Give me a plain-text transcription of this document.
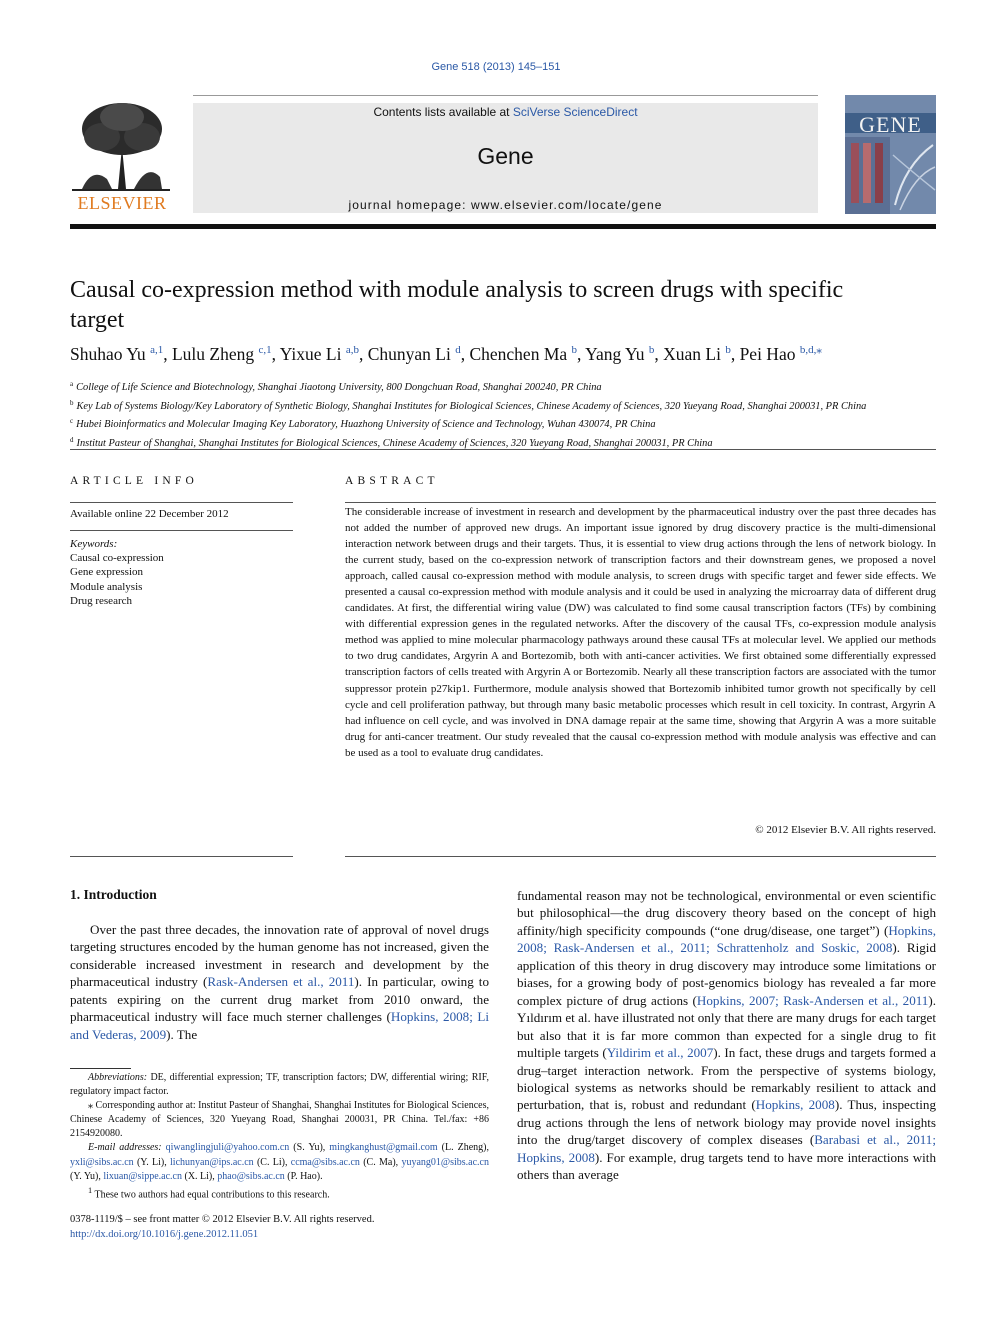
Gene 518 (2013) 145–151
ELSEVIER
Contents lists available at SciVerse ScienceDirect
Gene
journal homepage: www.elsevier.com/locate/gene
GENE
Causal co-expression method with module analysis to screen drugs with specific target
Shuhao Yu $^{a,1}$, Lulu Zheng $^{c,1}$, Yixue Li $^{a,b}$, Chunyan Li $^d$, Chenchen Ma $^b$, Yang Yu $^b$, Xuan Li $^b$, Pei Hao $^{b,d,⁎}$
$^a$ College of Life Science and Biotechnology, Shanghai Jiaotong University, 800 Dongchuan Road, Shanghai 200240, PR China
$^b$ Key Lab of Systems Biology/Key Laboratory of Synthetic Biology, Shanghai Institutes for Biological Sciences, Chinese Academy of Sciences, 320 Yueyang Road, Shanghai 200031, PR China
$^c$ Hubei Bioinformatics and Molecular Imaging Key Laboratory, Huazhong University of Science and Technology, Wuhan 430074, PR China
$^d$ Institut Pasteur of Shanghai, Shanghai Institutes for Biological Sciences, Chinese Academy of Sciences, 320 Yueyang Road, Shanghai 200031, PR China
ARTICLE INFO
Available online 22 December 2012
Keywords:
Causal co-expression
Gene expression
Module analysis
Drug research
ABSTRACT

The considerable increase of investment in research and development by the pharmaceutical industry over the past three decades has not added the number of approved new drugs. An important issue ignored by drug discovery practice is the multi-dimensional interaction network between drugs and their targets. Thus, it is essential to view drug actions through the lens of network biology. In the current study, based on the co-expression network of transcription factors and their downstream genes, we proposed a novel approach, called causal co-expression method with module analysis, to screen drugs with specific target and fewer side effects. We presented a causal co-expression method with module analysis and it could be used in analyzing the microarray data of different drug candidates. At first, the differential wiring value (DW) was calculated to find some causal transcription factors (TFs) by combining with differential expression genes in the regulated networks. After the discovery of the causal TFs, co-expression module analysis method was applied to mine molecular pharmacology pathways around these causal TFs at molecular level. We applied our methods to two drug candidates, Argyrin A and Bortezomib, both with anti-cancer activities. We first obtained some differentially expressed transcription factors of cells treated with Argyrin A or Bortezomib. Nearly all these transcription factors are associated with the tumor suppressor protein p27kip1. Furthermore, module analysis showed that Bortezomib inhibited tumor growth not specifically by cell cycle and cell proliferation pathway, but through many basic metabolic processes which result in cell toxicity. In contrast, Argyrin A had influence on cell cycle, and was involved in DNA damage repair at the same time, showing that Argyrin A was a more suitable drug for anti-cancer treatment. Our study revealed that the causal co-expression method with module analysis was effective and can be used as a tool to evaluate drug candidates.

© 2012 Elsevier B.V. All rights reserved.
1. Introduction

Over the past three decades, the innovation rate of approval of novel drugs targeting structures encoded by the human genome has not increased, given the considerable increased investment in research and development by the pharmaceutical industry (Rask-Andersen et al., 2011). In particular, owing to patents expiring on the current drug market from 2010 onward, the pharmaceutical industry will face much sterner challenges (Hopkins, 2008; Li and Vederas, 2009). The

fundamental reason may not be technological, environmental or even scientific but philosophical—the drug discovery theory based on the concept of high affinity/high specificity compounds (“one drug/disease, one target”) (Hopkins, 2008; Rask-Andersen et al., 2011; Schrattenholz and Soskic, 2008). Rigid application of this theory in drug discovery may introduce some limitations or biases, for a growing body of post-genomics biology has revealed a far more complex picture of drug actions (Hopkins, 2007; Rask-Andersen et al., 2011). Yıldırım et al. have illustrated not only that there are many drugs for each target but also that it is far more common than expected for a single drug to fit multiple targets (Yildirim et al., 2007). In fact, these drugs and targets formed a drug–target interaction network. From the perspective of systems biology, biological systems as networks should be remarkably resilient to attack and perturbation, that is, robust and redundant (Hopkins, 2008). Thus, inspecting drug actions through the lens of network biology may provide novel insights into the drug/target discovery of complex diseases (Barabasi et al., 2011; Hopkins, 2008). For example, drug targets tend to have more interactions with others than average

Abbreviations: DE, differential expression; TF, transcription factors; DW, differential wiring; RIF, regulatory impact factor.

⁎ Corresponding author at: Institut Pasteur of Shanghai, Shanghai Institutes for Biological Sciences, Chinese Academy of Sciences, 320 Yueyang Road, Shanghai 200031, PR China. Tel./fax: +86 2154920080.

E-mail addresses: qiwanglingjuli@yahoo.com.cn (S. Yu), mingkanghust@gmail.com (L. Zheng), yxli@sibs.ac.cn (Y. Li), lichunyan@ips.ac.cn (C. Li), ccma@sibs.ac.cn (C. Ma), yuyang01@sibs.ac.cn (Y. Yu), lixuan@sippe.ac.cn (X. Li), phao@sibs.ac.cn (P. Hao).

$^1$ These two authors had equal contributions to this research.

0378-1119/$ – see front matter © 2012 Elsevier B.V. All rights reserved.
http://dx.doi.org/10.1016/j.gene.2012.11.051
